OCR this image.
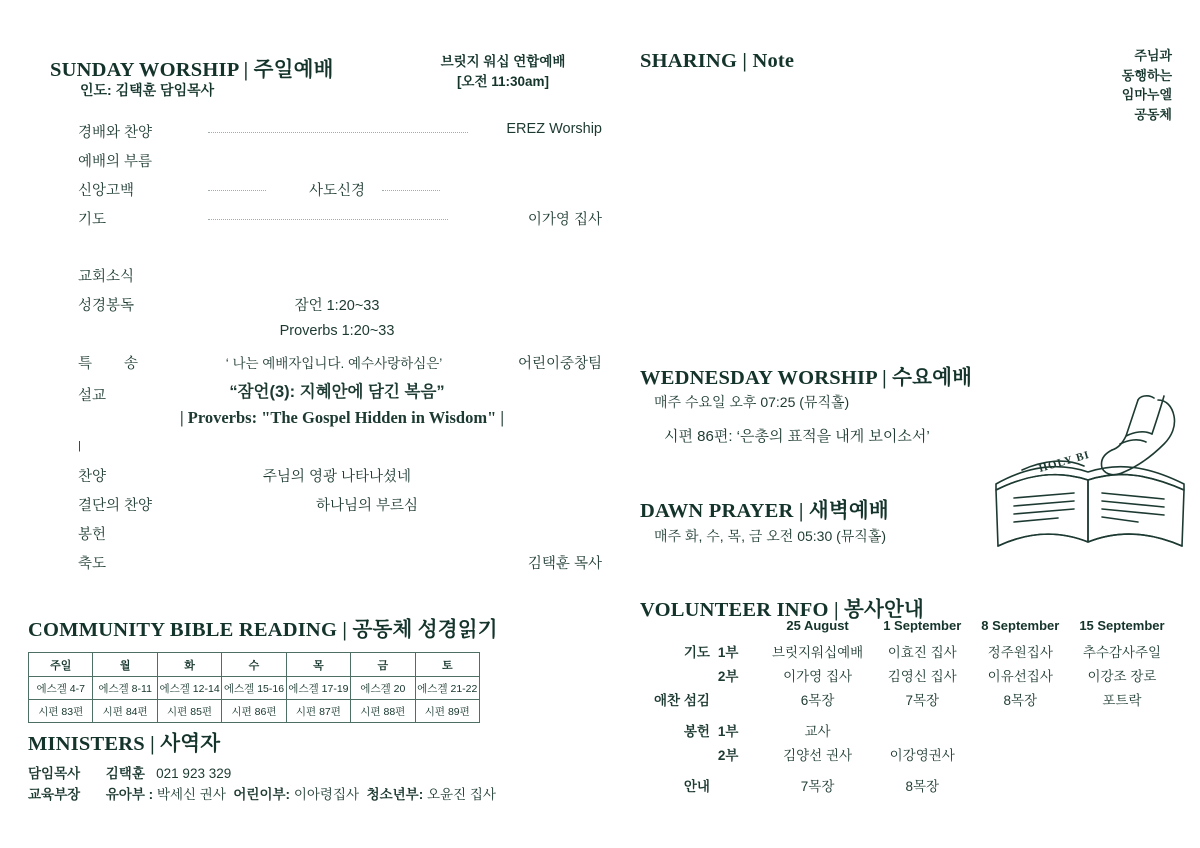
SUNDAY WORSHIP | 주일예배
인도: 김택훈 담임목사
브릿지 워십 연합예배
[오전 11:30am]
경배와 찬양	EREZ Worship
예배의 부름
신앙고백	사도신경
기도	이가영 집사
교회소식
성경봉독	잠언 1:20~33
Proverbs 1:20~33
특 송	‘ 나는 예배자입니다. 예수사랑하심은’	어린이중창팀
설교	“잠언(3): 지혜안에 담긴 복음”
| Proverbs: "The Gospel Hidden in Wisdom" |
|
찬양	주님의 영광 나타나셨네
결단의 찬양	하나님의 부르심
봉헌
축도	김택훈 목사
COMMUNITY BIBLE READING | 공동체 성경읽기
주일	월	화	수	목	금	토
에스겔 4-7	에스겔 8-11	에스겔 12-14	에스겔 15-16	에스겔 17-19	에스겔 20	에스겔 21-22
시편 83편	시편 84편	시편 85편	시편 86편	시편 87편	시편 88편	시편 89편
MINISTERS | 사역자
담임목사 김택훈 021 923 329
교육부장 유아부 : 박세신 권사 어린이부: 이아령집사 청소년부: 오윤진 집사
SHARING | Note	주님과
동행하는
임마누엘
공동체
WEDNESDAY WORSHIP | 수요예배
매주 수요일 오후 07:25 (뮤직홀)
시편 86편: ‘은총의 표적을 내게 보이소서’
DAWN PRAYER | 새벽예배
매주 화, 수, 목, 금 오전 05:30 (뮤직홀)
VOLUNTEER INFO | 봉사안내
		25 August	1 September	8 September	15 September
기도	1부	브릿지워십예배	이효진 집사	정주원집사	추수감사주일
	2부	이가영 집사	김영신 집사	이유선집사	이강조 장로
애찬 섬김		6목장	7목장	8목장	포트락
봉헌	1부	교사			
	2부	김양선 권사	이강영권사		
안내		7목장	8목장		
HOLY BI
